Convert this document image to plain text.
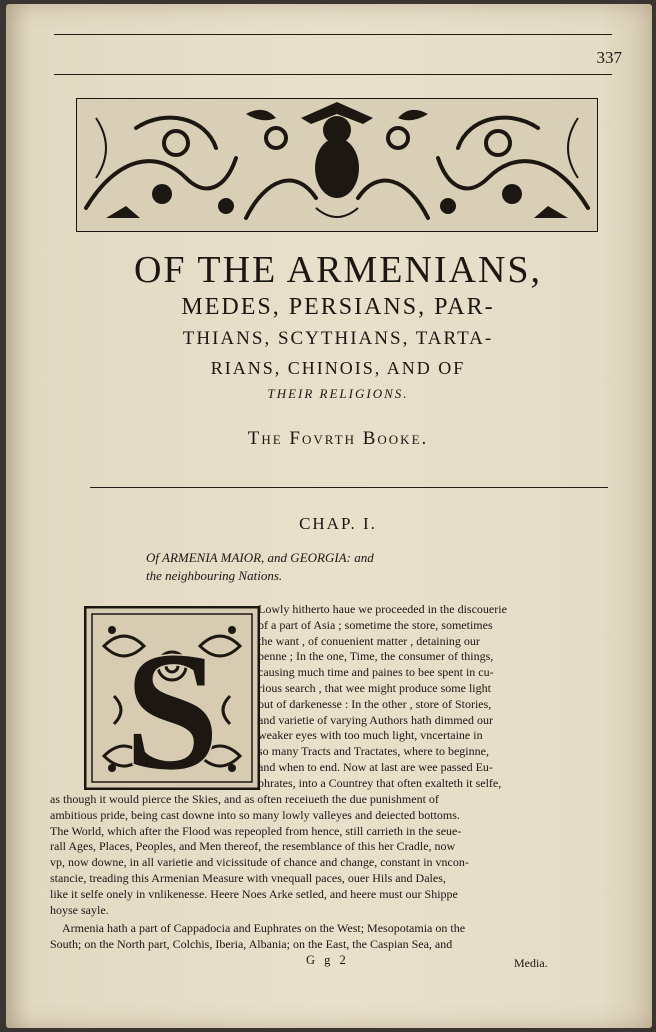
337
OF THE ARMENIANS,
MEDES, PERSIANS, PAR-
THIANS, SCYTHIANS, TARTA-
RIANS, CHINOIS, AND OF
THEIR RELIGIONS.
The Fovrth Booke.
CHAP. I.
Of ARMENIA MAIOR, and GEORGIA: and
the neighbouring Nations.
S
Lowly hitherto haue we proceeded in the discouerie
of a part of Asia ; sometime the store, sometimes
the want , of conuenient matter , detaining our
penne ; In the one, Time, the consumer of things,
causing much time and paines to bee spent in cu-
rious search , that wee might produce some light
out of darkenesse : In the other , store of Stories,
and varietie of varying Authors hath dimmed our
weaker eyes with too much light, vncertaine in
so many Tracts and Tractates, where to beginne,
and when to end. Now at last are wee passed Eu-
phrates, into a Countrey that often exalteth it selfe,
as though it would pierce the Skies, and as often receiueth the due punishment of
ambitious pride, being cast downe into so many lowly valleyes and deiected bottoms.
The World, which after the Flood was repeopled from hence, still carrieth in the seue-
rall Ages, Places, Peoples, and Men thereof, the resemblance of this her Cradle, now
vp, now downe, in all varietie and vicissitude of chance and change, constant in vncon-
stancie, treading this Armenian Measure with vnequall paces, ouer Hils and Dales,
like it selfe onely in vnlikenesse. Heere Noes Arke setled, and heere must our Shippe
hoyse sayle.
Armenia hath a part of Cappadocia and Euphrates on the West; Mesopotamia on the
South; on the North part, Colchis, Iberia, Albania; on the East, the Caspian Sea, and
G g 2	Media.
